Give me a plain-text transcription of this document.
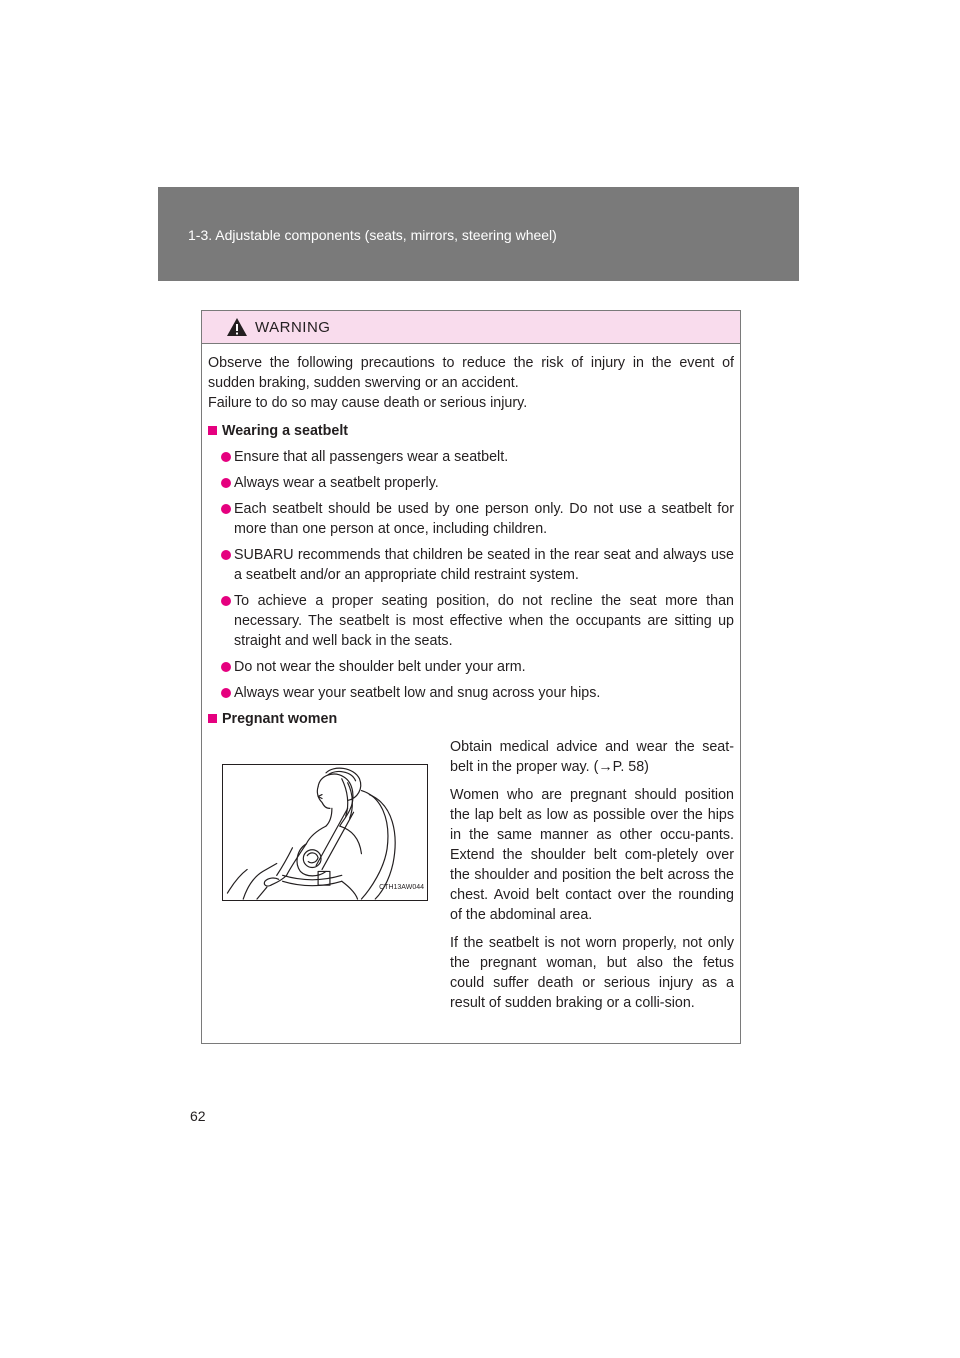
1-3. Adjustable components (seats, mirrors, steering wheel)
WARNING

Observe the following precautions to reduce the risk of injury in the event of sudden braking, sudden swerving or an accident.

Failure to do so may cause death or serious injury.

Wearing a seatbelt
Ensure that all passengers wear a seatbelt.
Always wear a seatbelt properly.
Each seatbelt should be used by one person only. Do not use a seatbelt for more than one person at once, including children.
SUBARU recommends that children be seated in the rear seat and always use a seatbelt and/or an appropriate child restraint system.
To achieve a proper seating position, do not recline the seat more than necessary. The seatbelt is most effective when the occupants are sitting up straight and well back in the seats.
Do not wear the shoulder belt under your arm.
Always wear your seatbelt low and snug across your hips.
Pregnant women
CTH13AW044

Obtain medical advice and wear the seat-belt in the proper way. (→P. 58)

Women who are pregnant should position the lap belt as low as possible over the hips in the same manner as other occu-pants. Extend the shoulder belt com-pletely over the shoulder and position the belt across the chest. Avoid belt contact over the rounding of the abdominal area.

If the seatbelt is not worn properly, not only the pregnant woman, but also the fetus could suffer death or serious injury as a result of sudden braking or a colli-sion.

62
